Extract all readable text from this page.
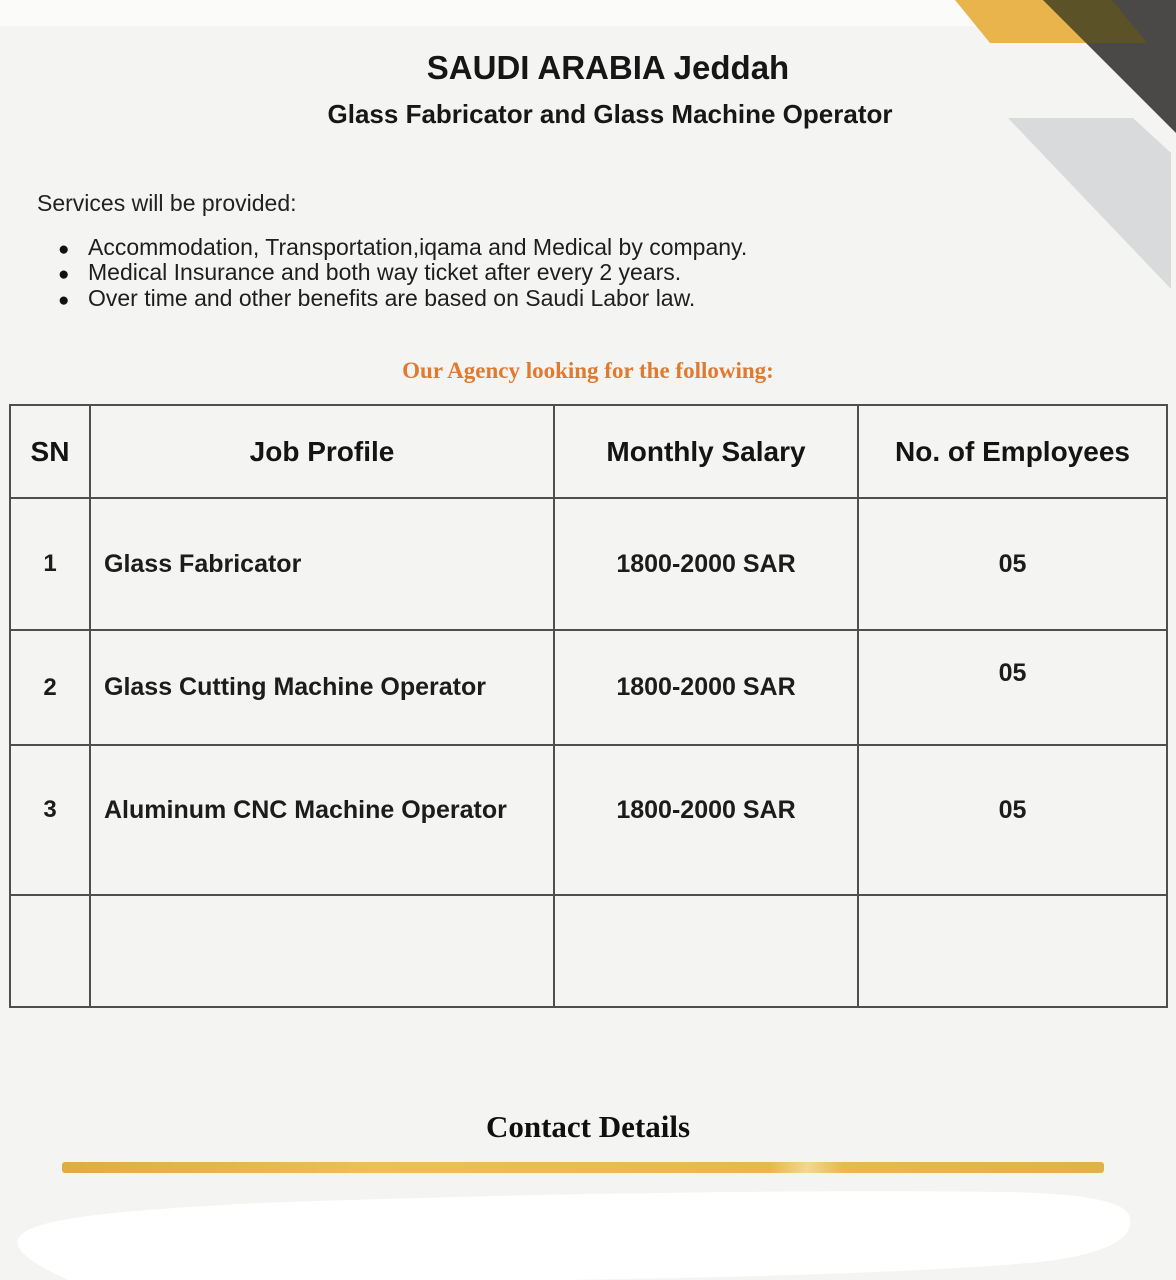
SAUDI ARABIA Jeddah
Glass Fabricator and Glass Machine Operator
Services will be provided:
● Accommodation, Transportation,iqama and Medical by company.
● Medical Insurance and both way ticket after every 2 years.
● Over time and other benefits are based on Saudi Labor law.
Our Agency looking for the following:
SN	Job Profile	Monthly Salary	No. of Employees
1	Glass Fabricator	1800-2000 SAR	05
2	Glass Cutting Machine Operator	1800-2000 SAR	05
3 Aluminum CNC Machine Operator	1800-2000 SAR	05
Contact Details
